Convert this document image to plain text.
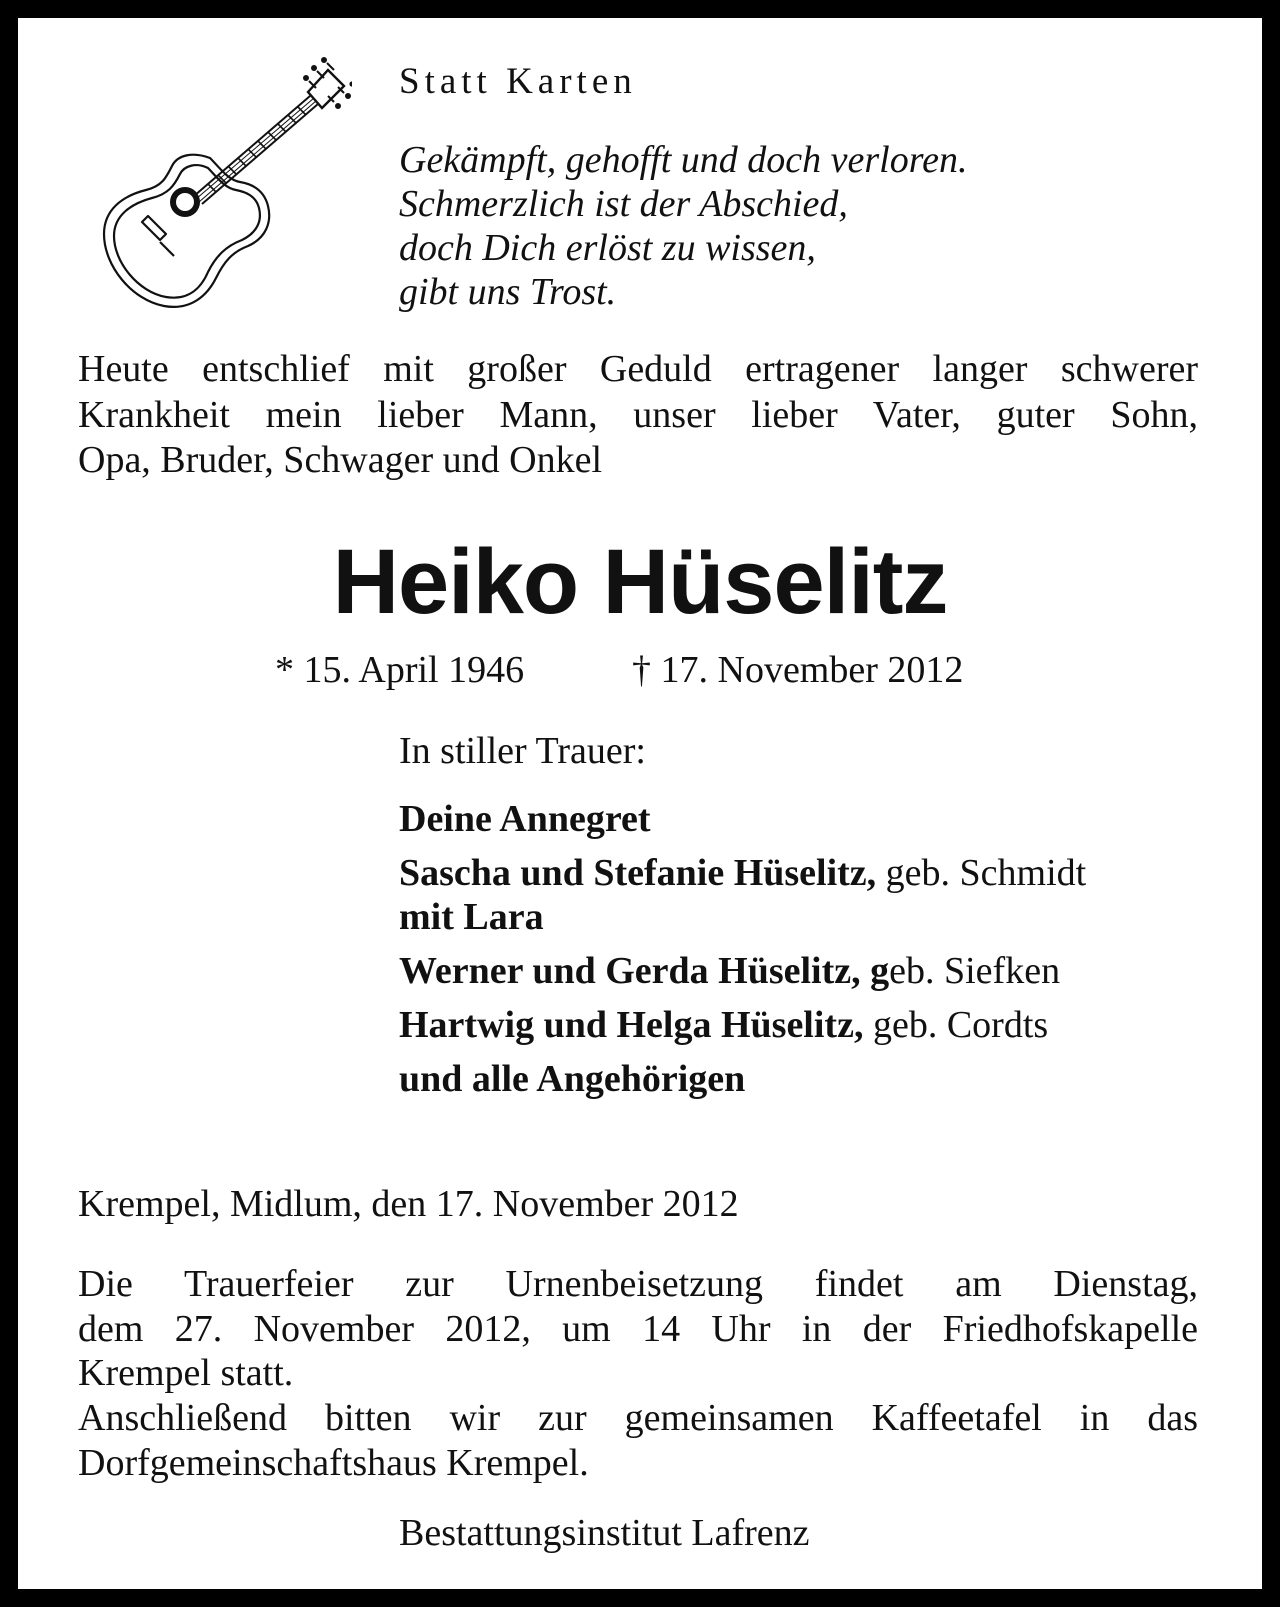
Statt Karten

Gekämpft, gehofft und doch verloren.

Schmerzlich ist der Abschied,

doch Dich erlöst zu wissen,

gibt uns Trost.

Heute entschlief mit großer Geduld ertragener langer schwerer

Krankheit mein lieber Mann, unser lieber Vater, guter Sohn,

Opa, Bruder, Schwager und Onkel

Heiko Hüselitz

* 15. April 1946	† 17. November 2012

In stiller Trauer:

Deine Annegret

Sascha und Stefanie Hüselitz, geb. Schmidt

mit Lara

Werner und Gerda Hüselitz, geb. Siefken

Hartwig und Helga Hüselitz, geb. Cordts

und alle Angehörigen

Krempel, Midlum, den 17. November 2012

Die Trauerfeier zur Urnenbeisetzung findet am Dienstag,

dem 27. November 2012, um 14 Uhr in der Friedhofskapelle

Krempel statt.

Anschließend bitten wir zur gemeinsamen Kaffeetafel in das

Dorfgemeinschaftshaus Krempel.

Bestattungsinstitut Lafrenz
